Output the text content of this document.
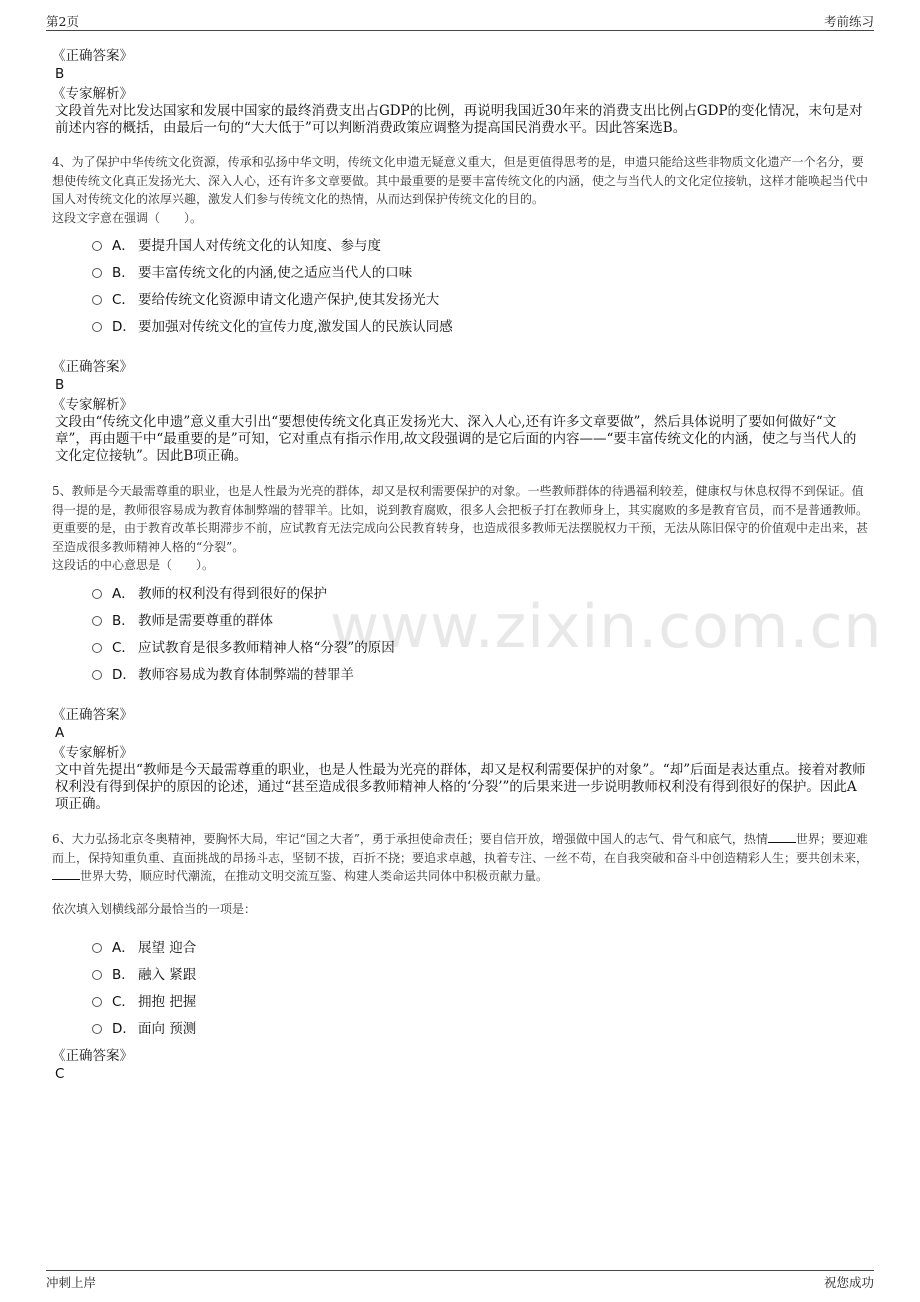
第2页	考前练习
www.zixin.com.cn
《正确答案》
B
《专家解析》
文段首先对比发达国家和发展中国家的最终消费支出占GDP的比例，再说明我国近30年来的消费支出比例占GDP的变化情况，末句是对前述内容的概括，由最后一句的“大大低于”可以判断消费政策应调整为提高国民消费水平。因此答案选B。
4、为了保护中华传统文化资源，传承和弘扬中华文明，传统文化申遗无疑意义重大，但是更值得思考的是，申遗只能给这些非物质文化遗产一个名分，要想使传统文化真正发扬光大、深入人心，还有许多文章要做。其中最重要的是要丰富传统文化的内涵，使之与当代人的文化定位接轨，这样才能唤起当代中国人对传统文化的浓厚兴趣，激发人们参与传统文化的热情，从而达到保护传统文化的目的。
这段文字意在强调（　　）。
A． 要提升国人对传统文化的认知度、参与度
B． 要丰富传统文化的内涵,使之适应当代人的口味
C． 要给传统文化资源申请文化遗产保护,使其发扬光大
D． 要加强对传统文化的宣传力度,激发国人的民族认同感
《正确答案》
B
《专家解析》
文段由“传统文化申遗”意义重大引出“要想使传统文化真正发扬光大、深入人心,还有许多文章要做”，然后具体说明了要如何做好“文章”，再由题干中“最重要的是”可知，它对重点有指示作用,故文段强调的是它后面的内容——“要丰富传统文化的内涵，使之与当代人的文化定位接轨”。因此B项正确。
5、教师是今天最需尊重的职业，也是人性最为光亮的群体，却又是权利需要保护的对象。一些教师群体的待遇福利较差，健康权与休息权得不到保证。值得一提的是，教师很容易成为教育体制弊端的替罪羊。比如，说到教育腐败，很多人会把板子打在教师身上，其实腐败的多是教育官员，而不是普通教师。更重要的是，由于教育改革长期滞步不前，应试教育无法完成向公民教育转身，也造成很多教师无法摆脱权力干预，无法从陈旧保守的价值观中走出来，甚至造成很多教师精神人格的“分裂”。
这段话的中心意思是（　　）。
A． 教师的权利没有得到很好的保护
B． 教师是需要尊重的群体
C． 应试教育是很多教师精神人格“分裂”的原因
D． 教师容易成为教育体制弊端的替罪羊
《正确答案》
A
《专家解析》
文中首先提出“教师是今天最需尊重的职业，也是人性最为光亮的群体，却又是权利需要保护的对象”。“却”后面是表达重点。接着对教师权利没有得到保护的原因的论述，通过“甚至造成很多教师精神人格的‘分裂’”的后果来进一步说明教师权利没有得到很好的保护。因此A项正确。
6、大力弘扬北京冬奥精神，要胸怀大局，牢记“国之大者”，勇于承担使命责任；要自信开放，增强做中国人的志气、骨气和底气，热情 世界；要迎难而上，保持知重负重、直面挑战的昂扬斗志，坚韧不拔，百折不挠；要追求卓越，执着专注、一丝不苟，在自我突破和奋斗中创造精彩人生；要共创未来，世界大势，顺应时代潮流，在推动文明交流互鉴、构建人类命运共同体中积极贡献力量。
依次填入划横线部分最恰当的一项是：
A． 展望 迎合
B． 融入 紧跟
C． 拥抱 把握
D． 面向 预测
《正确答案》
C
冲刺上岸	祝您成功
